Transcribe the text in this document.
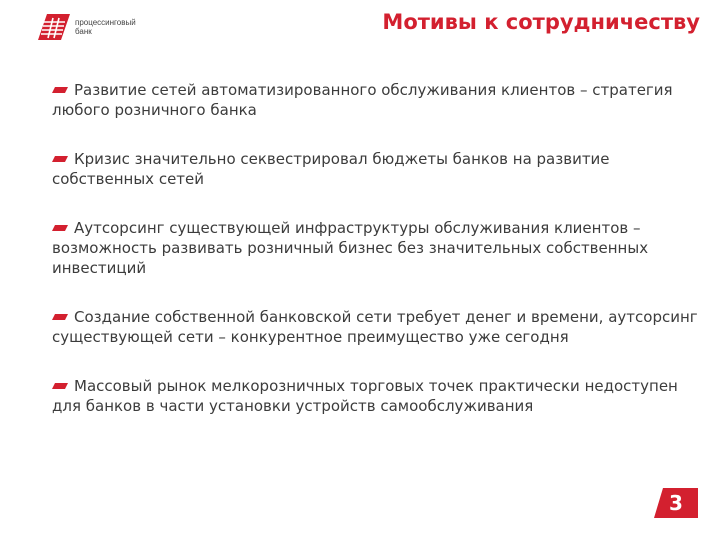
процессинговый
банк	Мотивы к сотрудничеству
Развитие сетей автоматизированного обслуживания клиентов – стратегия любого розничного банка
Кризис значительно секвестрировал бюджеты банков на развитие собственных сетей
Аутсорсинг существующей инфраструктуры обслуживания клиентов – возможность развивать розничный бизнес без значительных собственных инвестиций
Создание собственной банковской сети требует денег и времени, аутсорсинг существующей сети – конкурентное преимущество уже сегодня
Массовый рынок мелкорозничных торговых точек практически недоступен для банков в части установки устройств самообслуживания
3
